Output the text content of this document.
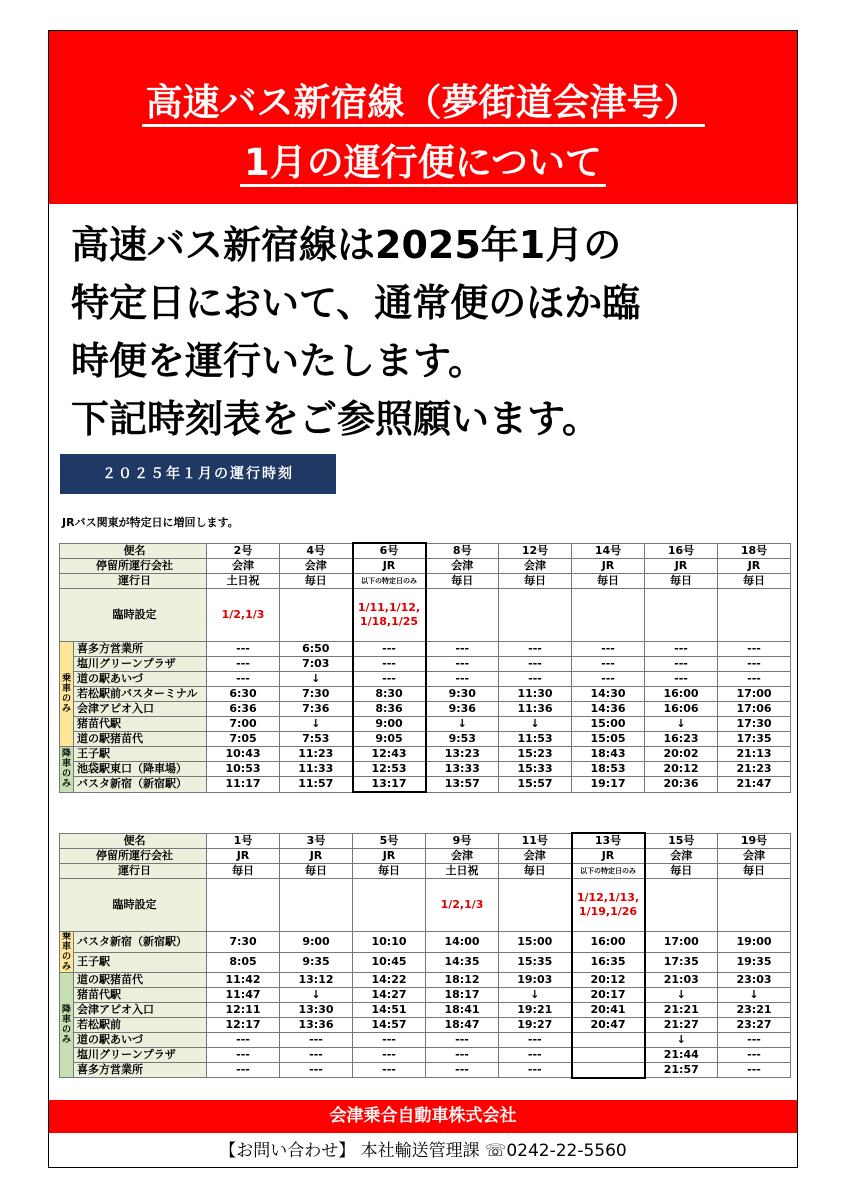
高速バス新宿線（夢街道会津号）
1月の運行便について
高速バス新宿線は2025年1月の
特定日において、通常便のほか臨
時便を運行いたします。
下記時刻表をご参照願います。
２０２５年１月の運行時刻
JRバス関東が特定日に増回します。
便名		2号	4号	6号	8号	12号	14号	16号	18号
停留所運行会社		会津	会津	JR	会津	会津	JR	JR	JR
運行日		土日祝	毎日	以下の特定日のみ	毎日	毎日	毎日	毎日	毎日
臨時設定		1/2,1/3		1/11,1/12,
1/18,1/25					
乗
車
の
み	喜多方営業所	---	6:50	---	---	---	---	---	---
	塩川グリーンプラザ	---	7:03	---	---	---	---	---	---
	道の駅あいづ	---	↓	---	---	---	---	---	---
	若松駅前バスターミナル	6:30	7:30	8:30	9:30	11:30	14:30	16:00	17:00
	会津アピオ入口	6:36	7:36	8:36	9:36	11:36	14:36	16:06	17:06
	猪苗代駅	7:00	↓	9:00	↓	↓	15:00	↓	17:30
	道の駅猪苗代	7:05	7:53	9:05	9:53	11:53	15:05	16:23	17:35
降
車
の
み	王子駅	10:43	11:23	12:43	13:23	15:23	18:43	20:02	21:13
	池袋駅東口（降車場）	10:53	11:33	12:53	13:33	15:33	18:53	20:12	21:23
	バスタ新宿（新宿駅）	11:17	11:57	13:17	13:57	15:57	19:17	20:36	21:47
便名		1号	3号	5号	9号	11号	13号	15号	19号
停留所運行会社		JR	JR	JR	会津	会津	JR	会津	会津
運行日		毎日	毎日	毎日	土日祝	毎日	以下の特定日のみ	毎日	毎日
臨時設定					1/2,1/3		1/12,1/13,
1/19,1/26		
乗
車
の
み	バスタ新宿（新宿駅）	7:30	9:00	10:10	14:00	15:00	16:00	17:00	19:00
	王子駅	8:05	9:35	10:45	14:35	15:35	16:35	17:35	19:35
降
車
の
み	道の駅猪苗代	11:42	13:12	14:22	18:12	19:03	20:12	21:03	23:03
	猪苗代駅	11:47	↓	14:27	18:17	↓	20:17	↓	↓
	会津アピオ入口	12:11	13:30	14:51	18:41	19:21	20:41	21:21	23:21
	若松駅前	12:17	13:36	14:57	18:47	19:27	20:47	21:27	23:27
	道の駅あいづ	---	---	---	---	---		↓	---
	塩川グリーンプラザ	---	---	---	---	---		21:44	---
	喜多方営業所	---	---	---	---	---		21:57	---
会津乗合自動車株式会社
【お問い合わせ】 本社輸送管理課 ☏0242-22-5560
